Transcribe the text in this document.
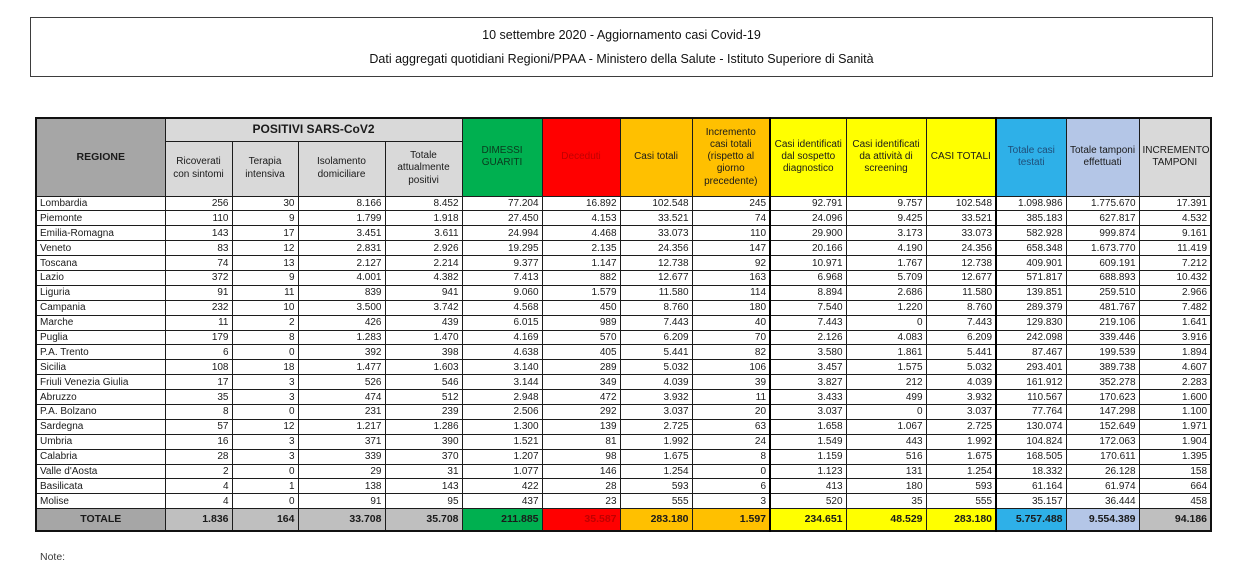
10 settembre 2020 - Aggiornamento casi Covid-19
Dati aggregati quotidiani Regioni/PPAA - Ministero della Salute - Istituto Superiore di Sanità
REGIONE	POSITIVI SARS-CoV2				DIMESSI GUARITI	Deceduti	Casi totali	Incremento casi totali (rispetto al giorno precedente)	Casi identificati dal sospetto diagnostico	Casi identificati da attività di screening	CASI TOTALI	Totale casi testati	Totale tamponi effettuati	INCREMENTO TAMPONI
	Ricoverati con sintomi	Terapia intensiva	Isolamento domiciliare	Totale attualmente positivi										
Lombardia	256	30	8.166	8.452	77.204	16.892	102.548	245	92.791	9.757	102.548	1.098.986	1.775.670	17.391
Piemonte	110	9	1.799	1.918	27.450	4.153	33.521	74	24.096	9.425	33.521	385.183	627.817	4.532
Emilia-Romagna	143	17	3.451	3.611	24.994	4.468	33.073	110	29.900	3.173	33.073	582.928	999.874	9.161
Veneto	83	12	2.831	2.926	19.295	2.135	24.356	147	20.166	4.190	24.356	658.348	1.673.770	11.419
Toscana	74	13	2.127	2.214	9.377	1.147	12.738	92	10.971	1.767	12.738	409.901	609.191	7.212
Lazio	372	9	4.001	4.382	7.413	882	12.677	163	6.968	5.709	12.677	571.817	688.893	10.432
Liguria	91	11	839	941	9.060	1.579	11.580	114	8.894	2.686	11.580	139.851	259.510	2.966
Campania	232	10	3.500	3.742	4.568	450	8.760	180	7.540	1.220	8.760	289.379	481.767	7.482
Marche	11	2	426	439	6.015	989	7.443	40	7.443	0	7.443	129.830	219.106	1.641
Puglia	179	8	1.283	1.470	4.169	570	6.209	70	2.126	4.083	6.209	242.098	339.446	3.916
P.A. Trento	6	0	392	398	4.638	405	5.441	82	3.580	1.861	5.441	87.467	199.539	1.894
Sicilia	108	18	1.477	1.603	3.140	289	5.032	106	3.457	1.575	5.032	293.401	389.738	4.607
Friuli Venezia Giulia	17	3	526	546	3.144	349	4.039	39	3.827	212	4.039	161.912	352.278	2.283
Abruzzo	35	3	474	512	2.948	472	3.932	11	3.433	499	3.932	110.567	170.623	1.600
P.A. Bolzano	8	0	231	239	2.506	292	3.037	20	3.037	0	3.037	77.764	147.298	1.100
Sardegna	57	12	1.217	1.286	1.300	139	2.725	63	1.658	1.067	2.725	130.074	152.649	1.971
Umbria	16	3	371	390	1.521	81	1.992	24	1.549	443	1.992	104.824	172.063	1.904
Calabria	28	3	339	370	1.207	98	1.675	8	1.159	516	1.675	168.505	170.611	1.395
Valle d'Aosta	2	0	29	31	1.077	146	1.254	0	1.123	131	1.254	18.332	26.128	158
Basilicata	4	1	138	143	422	28	593	6	413	180	593	61.164	61.974	664
Molise	4	0	91	95	437	23	555	3	520	35	555	35.157	36.444	458
TOTALE	1.836	164	33.708	35.708	211.885	35.587	283.180	1.597	234.651	48.529	283.180	5.757.488	9.554.389	94.186
Note:
